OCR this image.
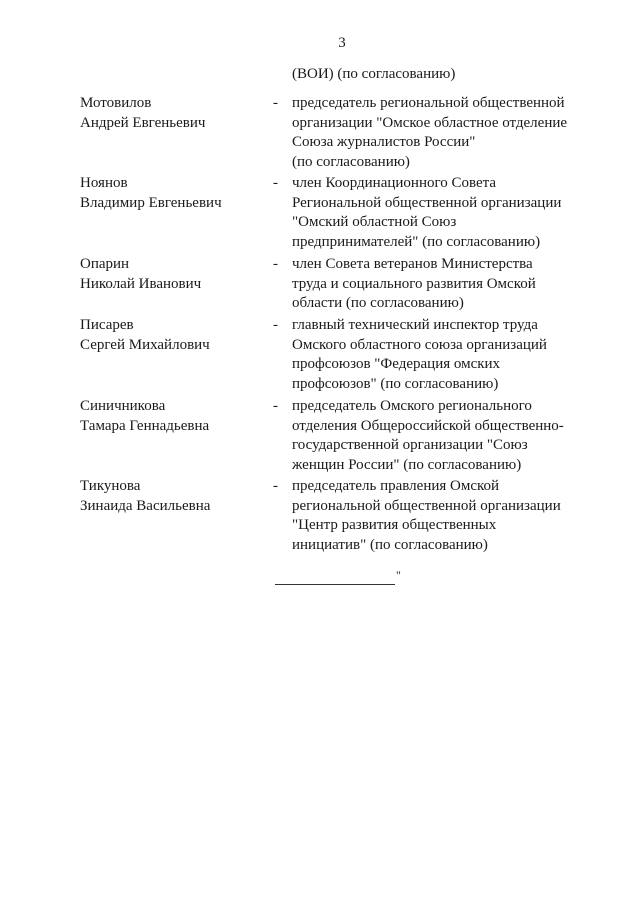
3
(ВОИ) (по согласованию)
Мотовилов
Андрей Евгеньевич
- председатель региональной общественной
организации "Омское областное отделение
Союза журналистов России"
(по согласованию)
Ноянов
Владимир Евгеньевич
- член Координационного Совета
Региональной общественной организации
"Омский областной Союз
предпринимателей" (по согласованию)
Опарин
Николай Иванович
- член Совета ветеранов Министерства
труда и социального развития Омской
области (по согласованию)
Писарев
Сергей Михайлович
- главный технический инспектор труда
Омского областного союза организаций
профсоюзов "Федерация омских
профсоюзов" (по согласованию)
Синичникова
Тамара Геннадьевна
- председатель Омского регионального
отделения Общероссийской общественно-
государственной организации "Союз
женщин России" (по согласованию)
Тикунова
Зинаида Васильевна
- председатель правления Омской
региональной общественной организации
"Центр развития общественных
инициатив" (по согласованию)
"
